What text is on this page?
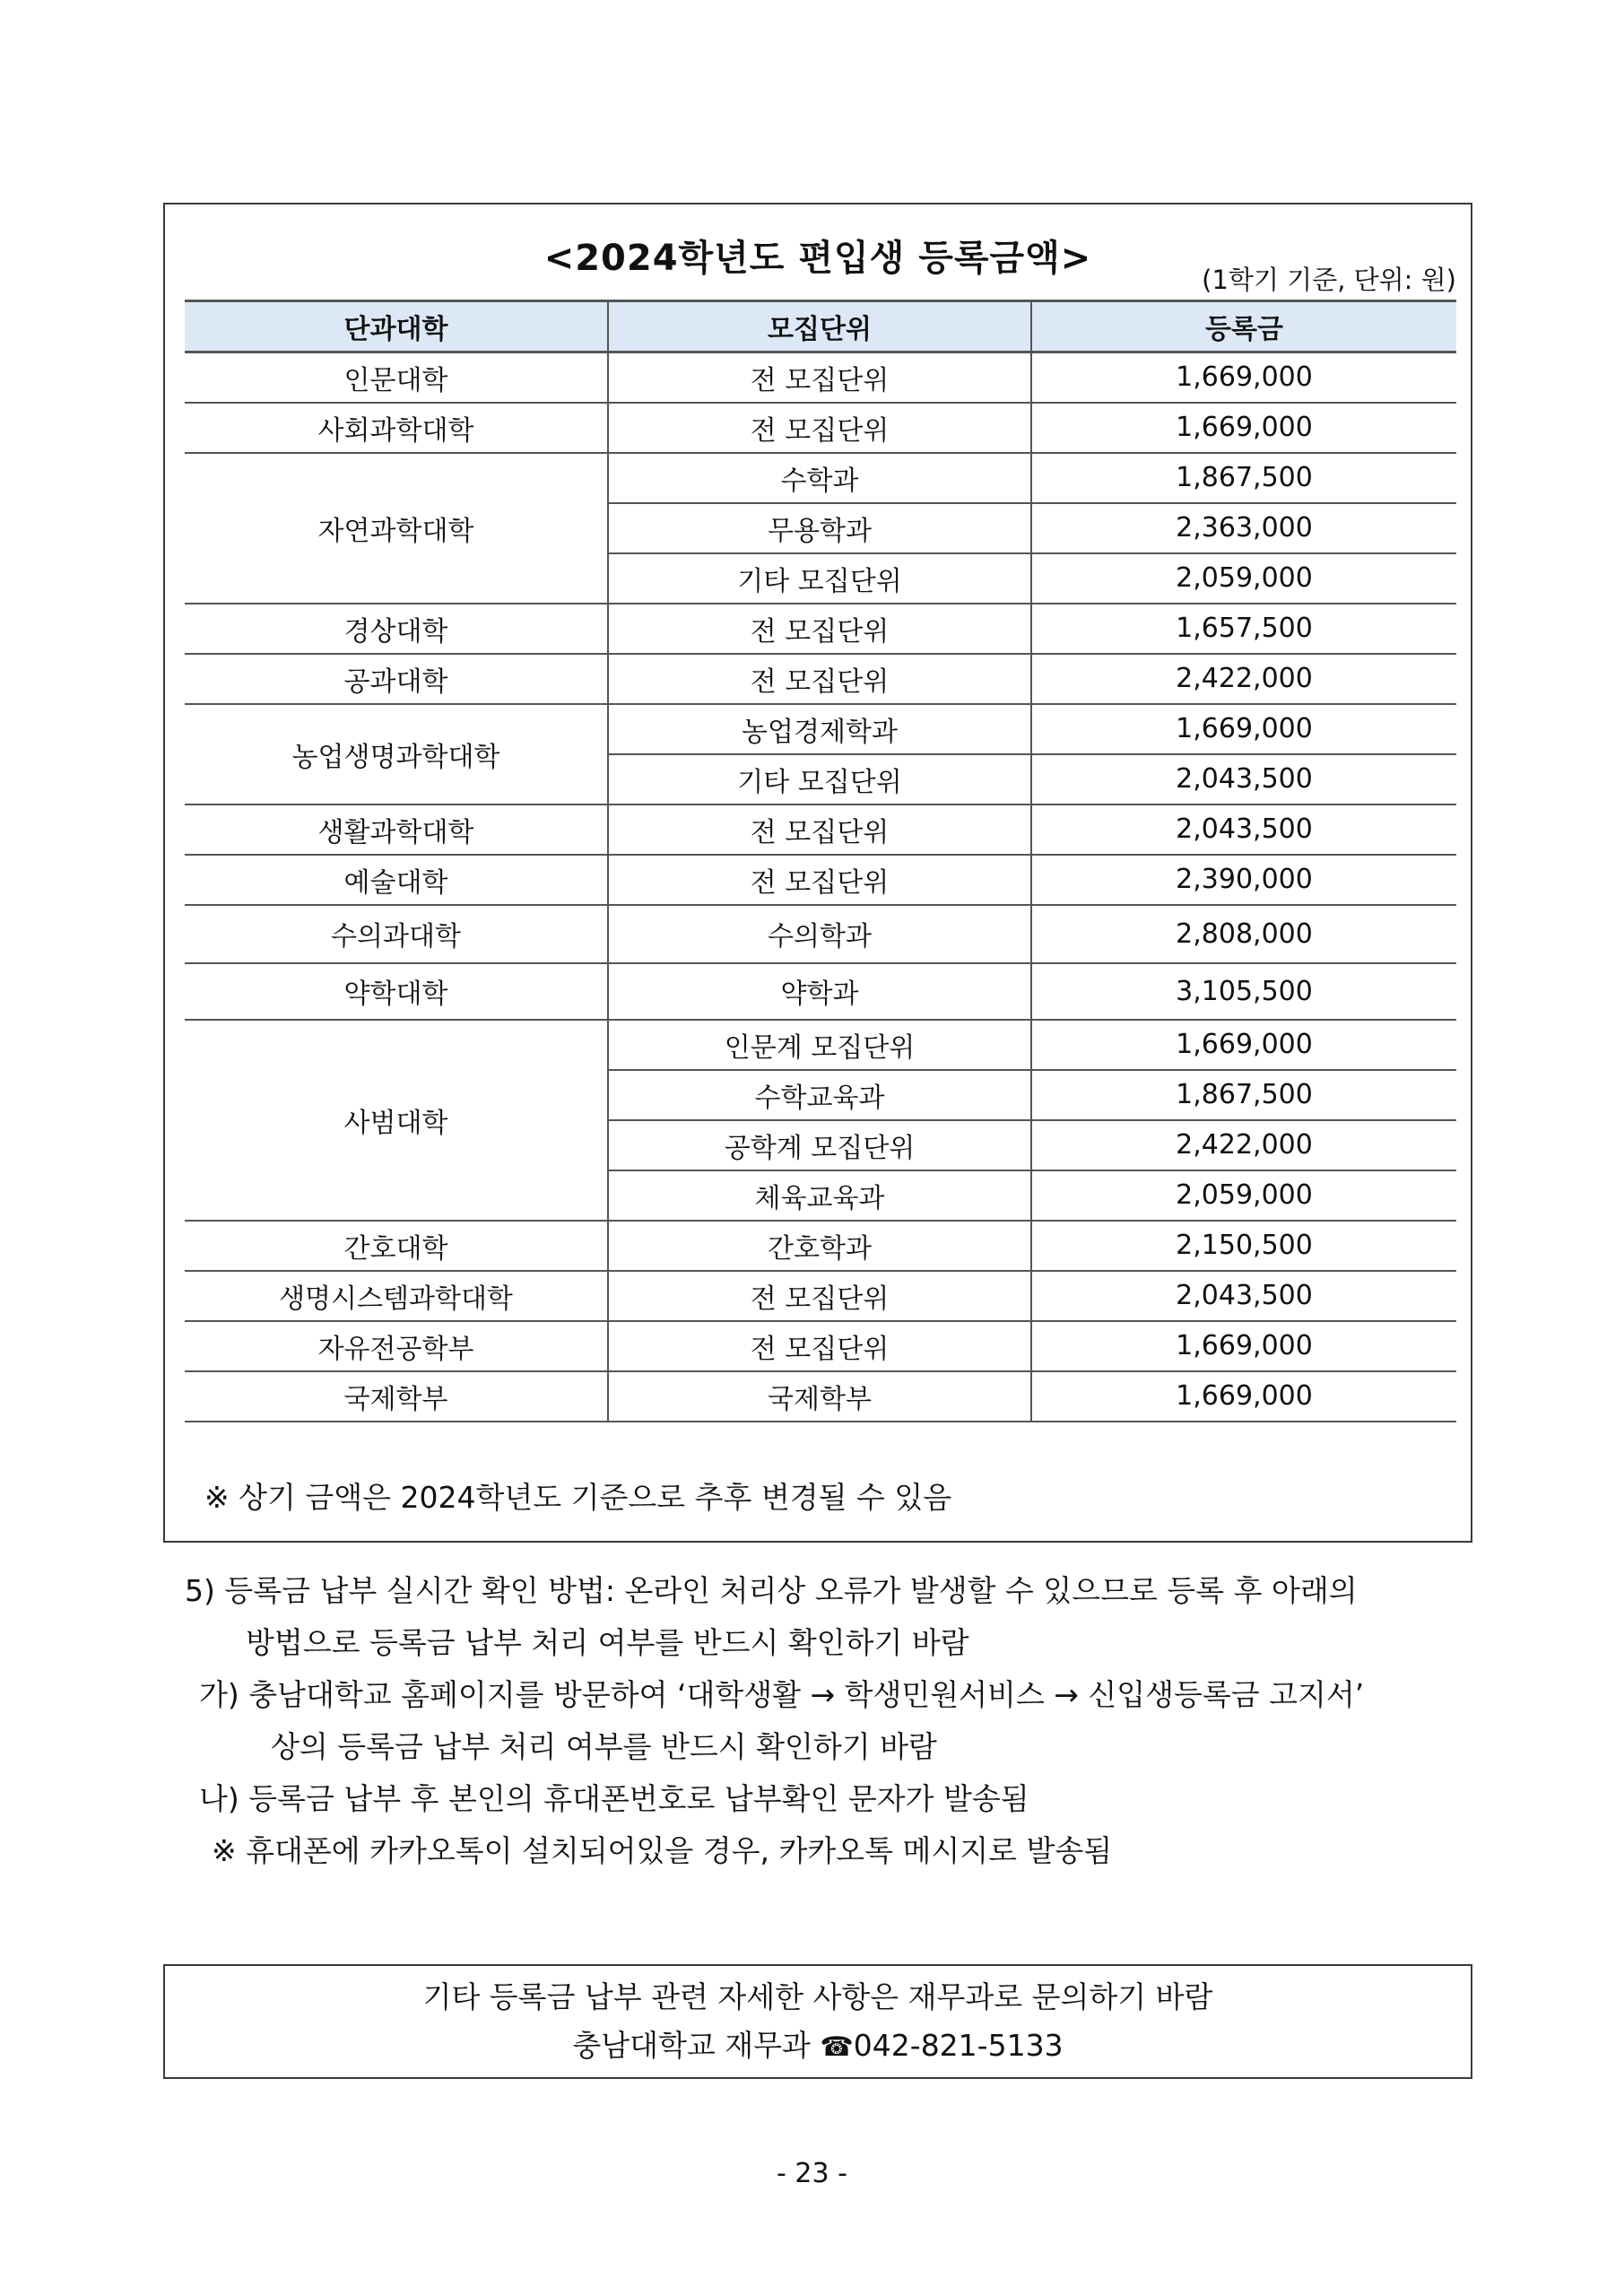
<2024학년도 편입생 등록금액>
(1학기 기준, 단위: 원)
단과대학	모집단위	등록금
인문대학	전 모집단위	1,669,000
사회과학대학	전 모집단위	1,669,000
자연과학대학	수학과	1,867,500
	무용학과	2,363,000
	기타 모집단위	2,059,000
경상대학	전 모집단위	1,657,500
공과대학	전 모집단위	2,422,000
농업생명과학대학	농업경제학과	1,669,000
	기타 모집단위	2,043,500
생활과학대학	전 모집단위	2,043,500
예술대학	전 모집단위	2,390,000
수의과대학	수의학과	2,808,000
약학대학	약학과	3,105,500
사범대학	인문계 모집단위	1,669,000
	수학교육과	1,867,500
	공학계 모집단위	2,422,000
	체육교육과	2,059,000
간호대학	간호학과	2,150,500
생명시스템과학대학	전 모집단위	2,043,500
자유전공학부	전 모집단위	1,669,000
국제학부	국제학부	1,669,000
※ 상기 금액은 2024학년도 기준으로 추후 변경될 수 있음
5) 등록금 납부 실시간 확인 방법: 온라인 처리상 오류가 발생할 수 있으므로 등록 후 아래의
방법으로 등록금 납부 처리 여부를 반드시 확인하기 바람
가) 충남대학교 홈페이지를 방문하여 ‘대학생활 → 학생민원서비스 → 신입생등록금 고지서’
상의 등록금 납부 처리 여부를 반드시 확인하기 바람
나) 등록금 납부 후 본인의 휴대폰번호로 납부확인 문자가 발송됨
※ 휴대폰에 카카오톡이 설치되어있을 경우, 카카오톡 메시지로 발송됨
기타 등록금 납부 관련 자세한 사항은 재무과로 문의하기 바람
충남대학교 재무과 ☎042-821-5133
- 23 -
